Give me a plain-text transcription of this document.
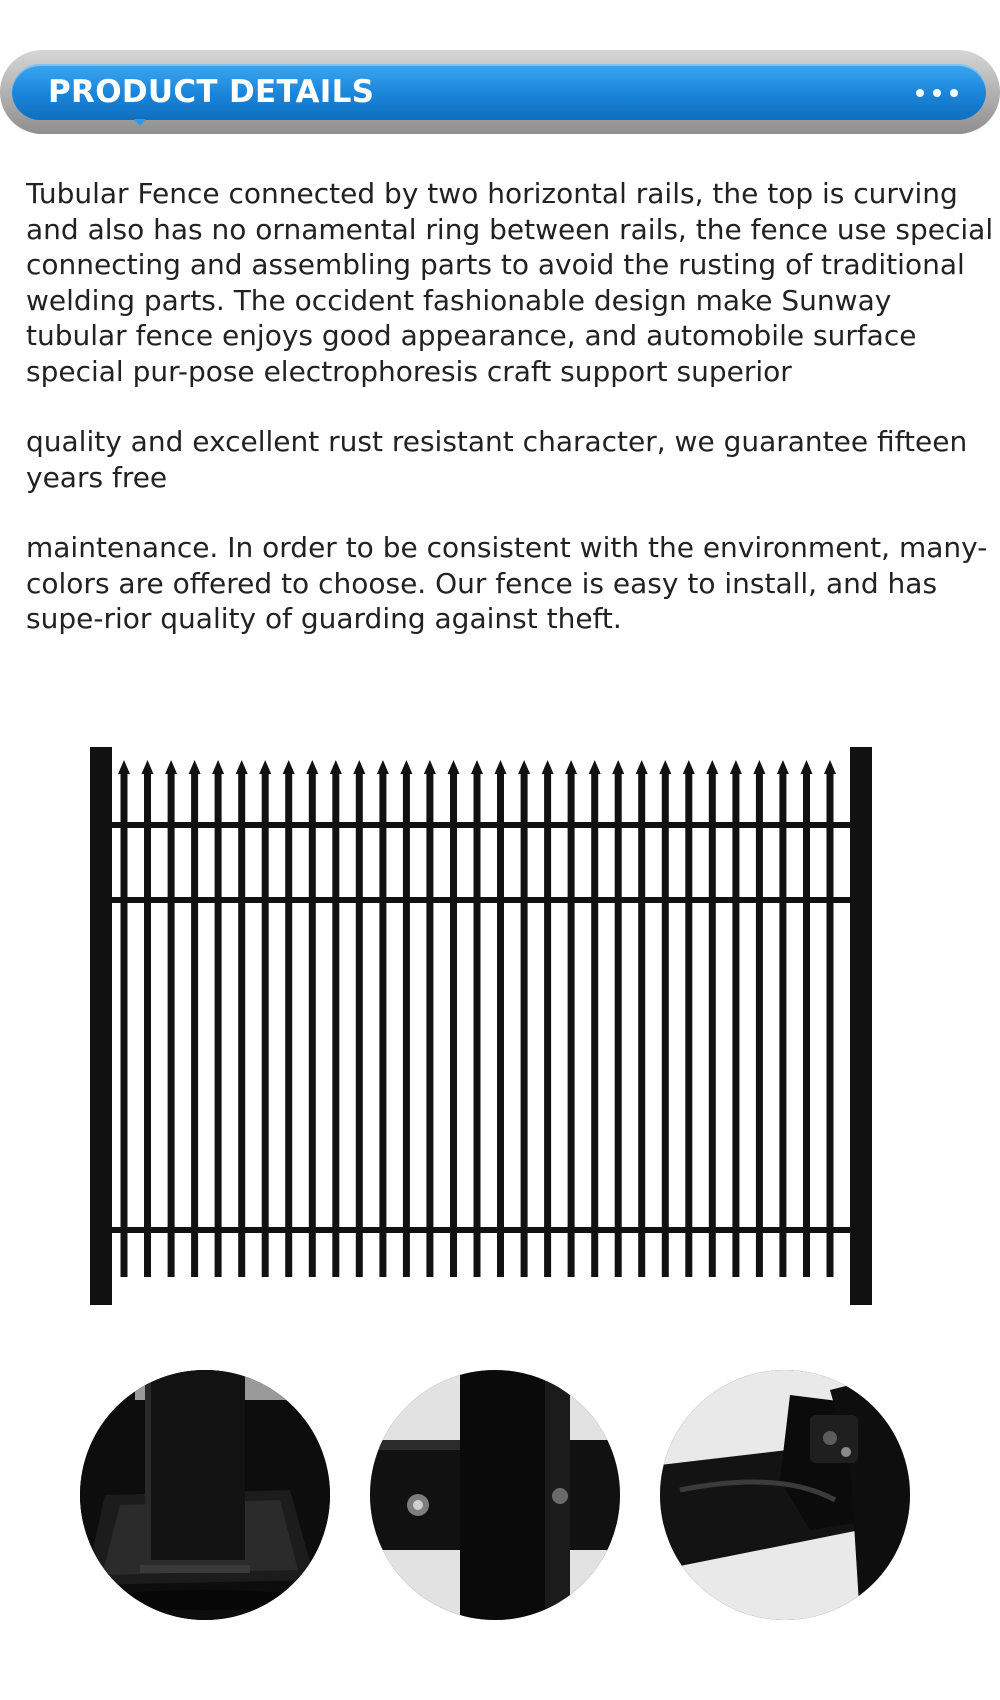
PRODUCT DETAILS

Tubular Fence connected by two horizontal rails, the top is curving and also has no ornamental ring between rails, the fence use special connecting and assembling parts to avoid the rusting of traditional welding parts. The occident fashionable design make Sunway tubular fence enjoys good appearance, and automobile surface special pur-pose electrophoresis craft support superior

quality and excellent rust resistant character, we guarantee fifteen years free

maintenance. In order to be consistent with the environment, many-colors are offered to choose. Our fence is easy to install, and has supe-rior quality of guarding against theft.
